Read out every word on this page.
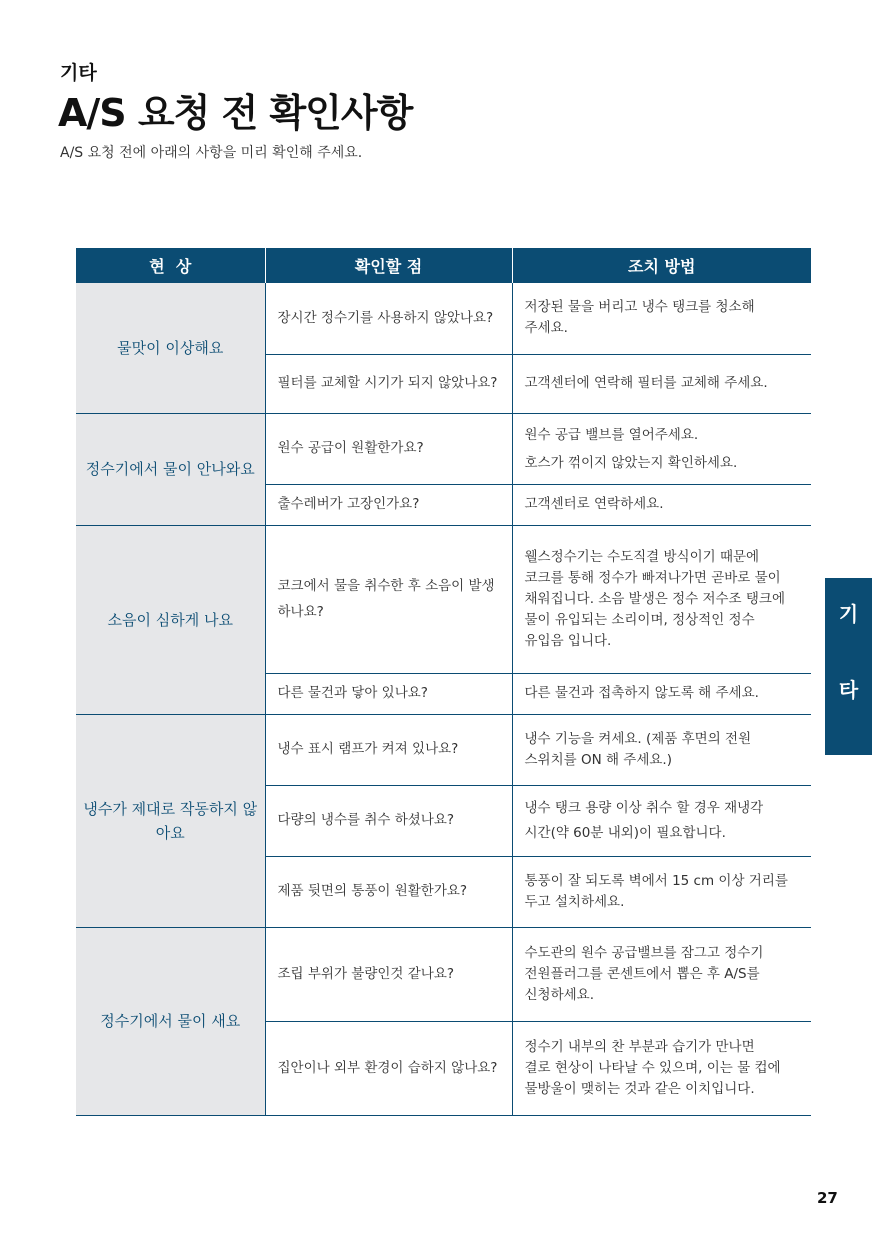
기타
A/S 요청 전 확인사항
A/S 요청 전에 아래의 사항을 미리 확인해 주세요.
현  상	확인할 점	조치 방법
물맛이 이상해요	장시간 정수기를 사용하지 않았나요?	저장된 물을 버리고 냉수 탱크를 청소해
주세요.

	필터를 교체할 시기가 되지 않았나요?	고객센터에 연락해 필터를 교체해 주세요.

정수기에서 물이 안나와요	원수 공급이 원활한가요?	원수 공급 밸브를 열어주세요.
호스가 꺾이지 않았는지 확인하세요.

	출수레버가 고장인가요?	고객센터로 연락하세요.

소음이 심하게 나요	코크에서 물을 취수한 후 소음이 발생하나요?	웰스정수기는 수도직결 방식이기 때문에
코크를 통해 정수가 빠져나가면 곧바로 물이
채워집니다. 소음 발생은 정수 저수조 탱크에
물이 유입되는 소리이며, 정상적인 정수
유입음 입니다.

	다른 물건과 닿아 있나요?	다른 물건과 접촉하지 않도록 해 주세요.

냉수가 제대로 작동하지 않아요	냉수 표시 램프가 켜져 있나요?	냉수 기능을 켜세요. (제품 후면의 전원
스위치를 ON 해 주세요.)

	다량의 냉수를 취수 하셨나요?	냉수 탱크 용량 이상 취수 할 경우 재냉각
시간(약 60분 내외)이 필요합니다.

	제품 뒷면의 통풍이 원활한가요?	통풍이 잘 되도록 벽에서 15 cm 이상 거리를
두고 설치하세요.

정수기에서 물이 새요	조립 부위가 불량인것 같나요?	수도관의 원수 공급밸브를 잠그고 정수기
전원플러그를 콘센트에서 뽑은 후 A/S를
신청하세요.

	집안이나 외부 환경이 습하지 않나요?	정수기 내부의 찬 부분과 습기가 만나면
결로 현상이 나타날 수 있으며, 이는 물 컵에
물방울이 맺히는 것과 같은 이치입니다.
기
타
27
